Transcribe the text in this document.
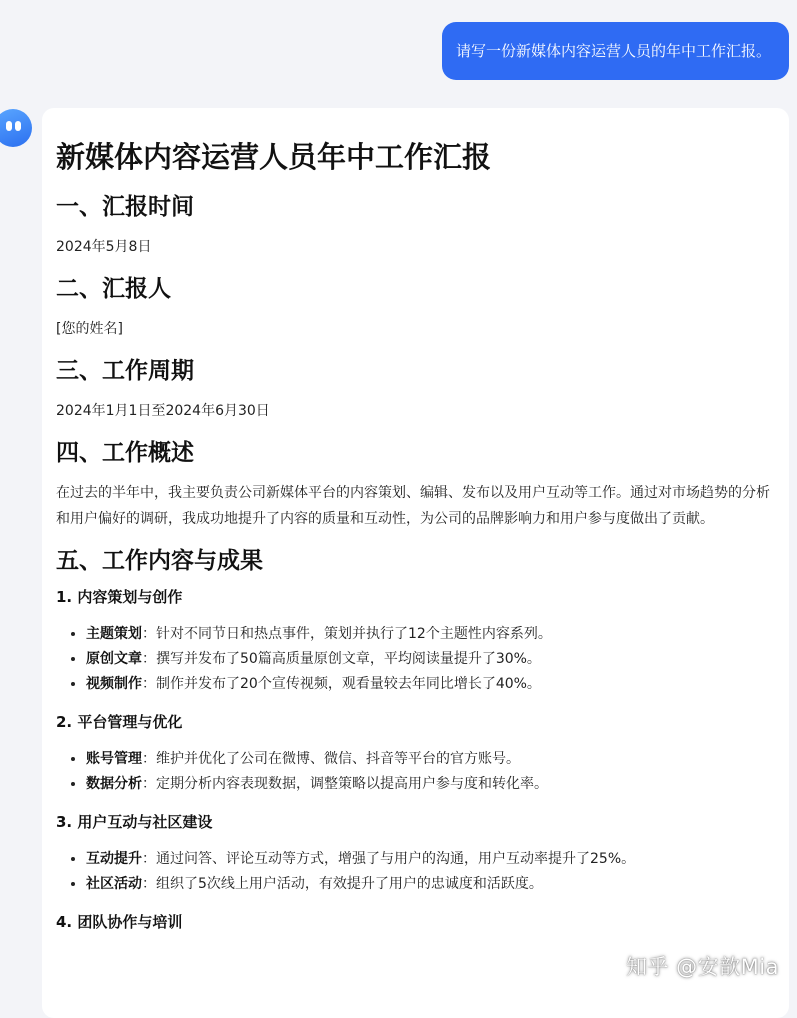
请写一份新媒体内容运营人员的年中工作汇报。
新媒体内容运营人员年中工作汇报
一、汇报时间

2024年5月8日

二、汇报人

[您的姓名]

三、工作周期

2024年1月1日至2024年6月30日

四、工作概述

在过去的半年中，我主要负责公司新媒体平台的内容策划、编辑、发布以及用户互动等工作。通过对市场趋势的分析和用户偏好的调研，我成功地提升了内容的质量和互动性，为公司的品牌影响力和用户参与度做出了贡献。

五、工作内容与成果
1. 内容策划与创作
• 主题策划：针对不同节日和热点事件，策划并执行了12个主题性内容系列。
• 原创文章：撰写并发布了50篇高质量原创文章，平均阅读量提升了30%。
• 视频制作：制作并发布了20个宣传视频，观看量较去年同比增长了40%。
2. 平台管理与优化
• 账号管理：维护并优化了公司在微博、微信、抖音等平台的官方账号。
• 数据分析：定期分析内容表现数据，调整策略以提高用户参与度和转化率。
3. 用户互动与社区建设
• 互动提升：通过问答、评论互动等方式，增强了与用户的沟通，用户互动率提升了25%。
• 社区活动：组织了5次线上用户活动，有效提升了用户的忠诚度和活跃度。
4. 团队协作与培训
知乎 @安歆Mia
